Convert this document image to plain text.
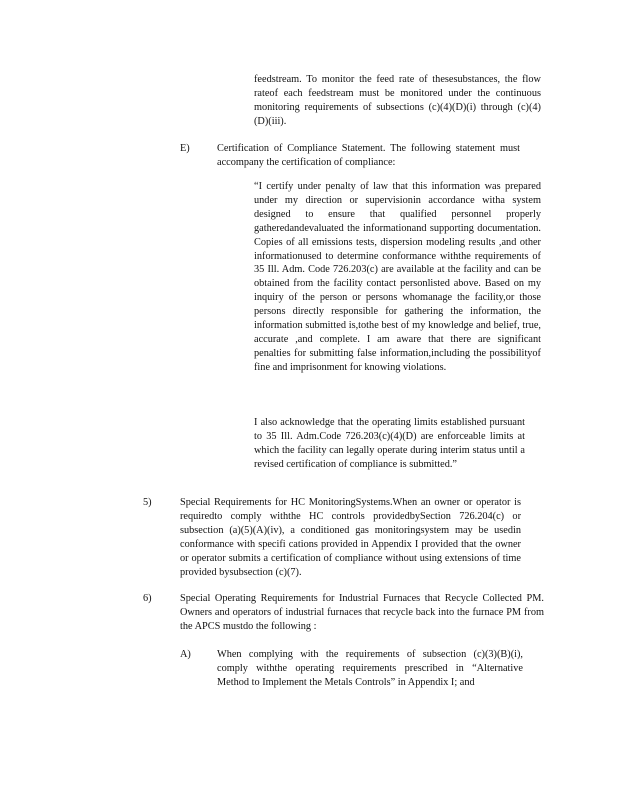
feedstream. To monitor the feed rate of thesesubstances, the flow rateof each feedstream must be monitored under the continuous monitoring requirements of subsections (c)(4)(D)(i) through (c)(4)(D)(iii).

E)	Certification of Compliance Statement. The following statement must accompany the certification of compliance:

“I certify under penalty of law that this information was prepared under my direction or supervisionin accordance witha system designed to ensure that qualified personnel properly gatheredandevaluated the informationand supporting documentation. Copies of all emissions tests, dispersion modeling results ,and other informationused to determine conformance withthe requirements of 35 Ill. Adm. Code 726.203(c) are available at the facility and can be obtained from the facility contact personlisted above. Based on my inquiry of the person or persons whomanage the facility,or those persons directly responsible for gathering the information, the information submitted is,tothe best of my knowledge and belief, true, accurate ,and complete. I am aware that there are significant penalties for submitting false information,including the possibilityof fine and imprisonment for knowing violations.

I also acknowledge that the operating limits established pursuant to 35 Ill. Adm.Code 726.203(c)(4)(D) are enforceable limits at which the facility can legally operate during interim status until a revised certification of compliance is submitted.”

5)	Special Requirements for HC MonitoringSystems.When an owner or operator is requiredto comply withthe HC controls providedbySection 726.204(c) or subsection (a)(5)(A)(iv), a conditioned gas monitoringsystem may be usedin conformance with specifi cations provided in Appendix I provided that the owner or operator submits a certification of compliance without using extensions of time provided bysubsection (c)(7).

6)	Special Operating Requirements for Industrial Furnaces that Recycle Collected PM. Owners and operators of industrial furnaces that recycle back into the furnace PM from the APCS mustdo the following :

A)	When complying with the requirements of subsection (c)(3)(B)(i), comply withthe operating requirements prescribed in “Alternative Method to Implement the Metals Controls” in Appendix I; and
